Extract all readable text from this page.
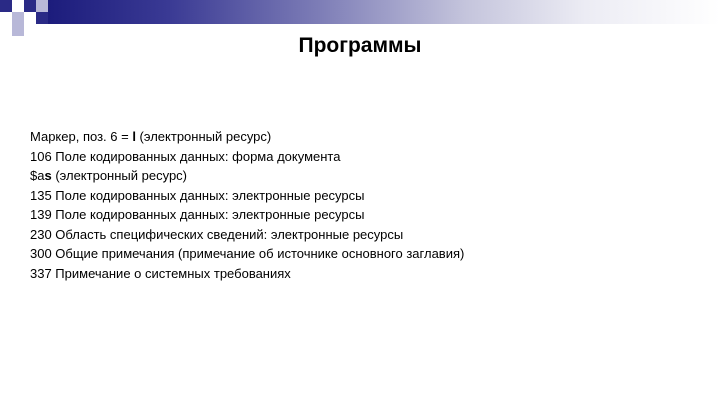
Программы
Маркер, поз. 6 = l (электронный ресурс)
106 Поле кодированных данных: форма документа
$as (электронный ресурс)
135 Поле кодированных данных: электронные ресурсы
139 Поле кодированных данных: электронные ресурсы
230 Область специфических сведений: электронные ресурсы
300 Общие примечания (примечание об источнике основного заглавия)
337 Примечание о системных требованиях
